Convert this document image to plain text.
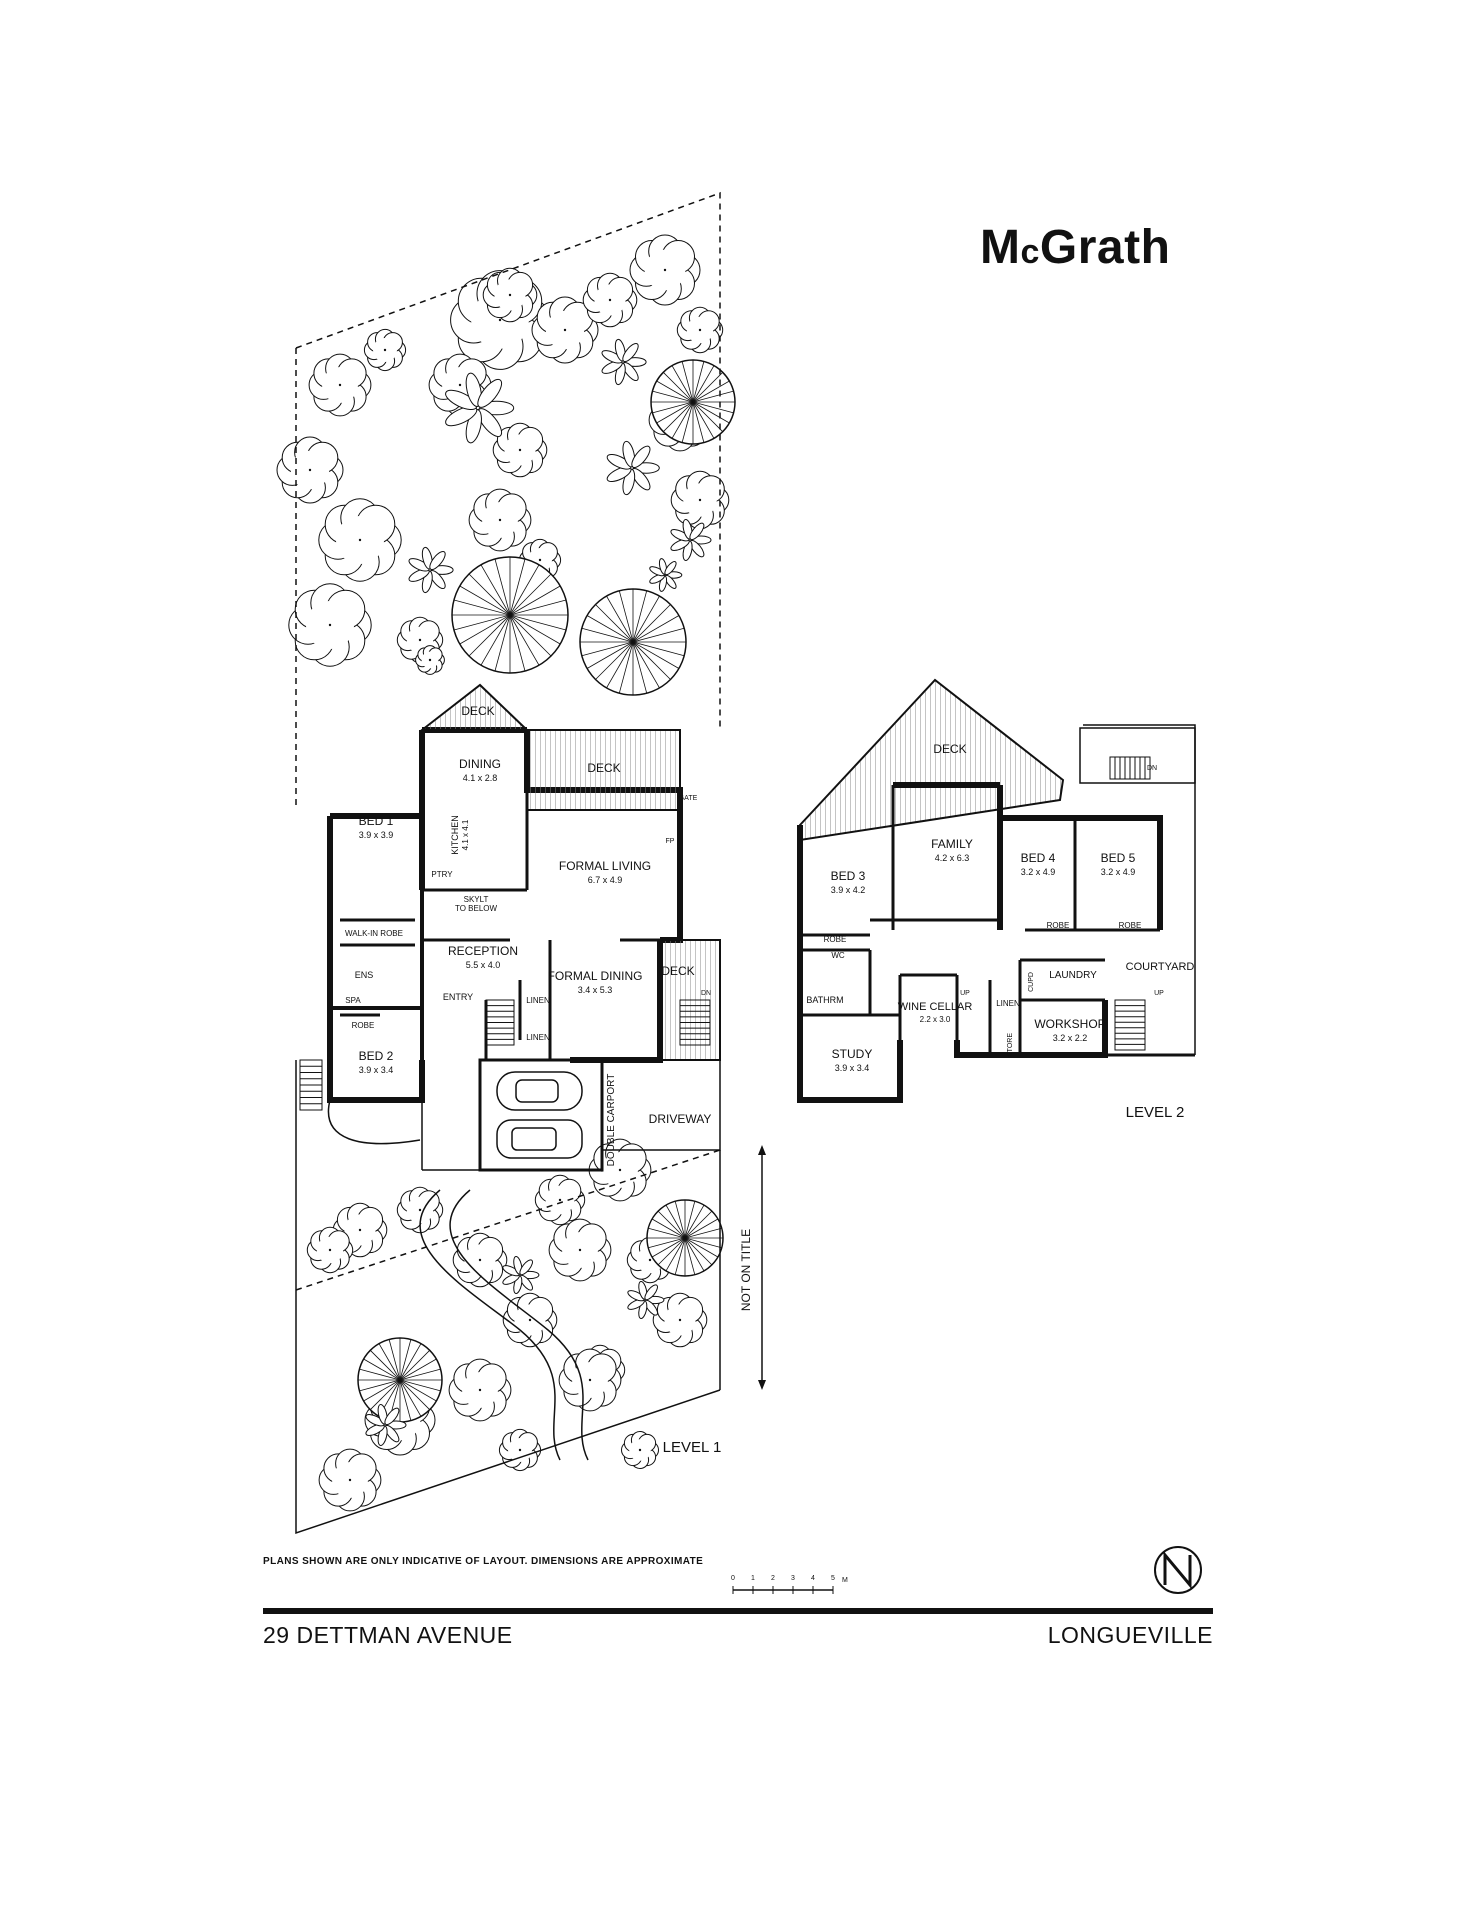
McGrath
NOT ON TITLE
0 1 2 3 4 5 M
DECK
DINING
4.1 x 2.8
DECK
KITCHEN 4.1 x 4.1
PTRY
BED 1
3.9 x 3.9
FORMAL LIVING
6.7 x 4.9
SKYLT
TO BELOW
WALK-IN ROBE
RECEPTION
5.5 x 4.0
ENS
SPA	ENTRY	LINEN
FORMAL DINING
3.4 x 5.3
DECK
ROBE
LINEN
BED 2
3.9 x 3.4
DRIVEWAY
DOUBLE CARPORT
DECK
FAMILY
4.2 x 6.3
BED 3
3.9 x 4.2
BED 4
3.2 x 4.9
BED 5
3.2 x 4.9
ROBE
ROBE	ROBE
WC
BATHRM
WINE CELLAR
2.2 x 3.0
LAUNDRY
COURTYARD
CUPD
LINEN
WORKSHOP
3.2 x 2.2
STORE
STUDY
3.9 x 3.4
FP
GATE
DN
DN
UP	UP
LEVEL 1
LEVEL 2
PLANS SHOWN ARE ONLY INDICATIVE OF LAYOUT. DIMENSIONS ARE APPROXIMATE
29 DETTMAN AVENUE	LONGUEVILLE
